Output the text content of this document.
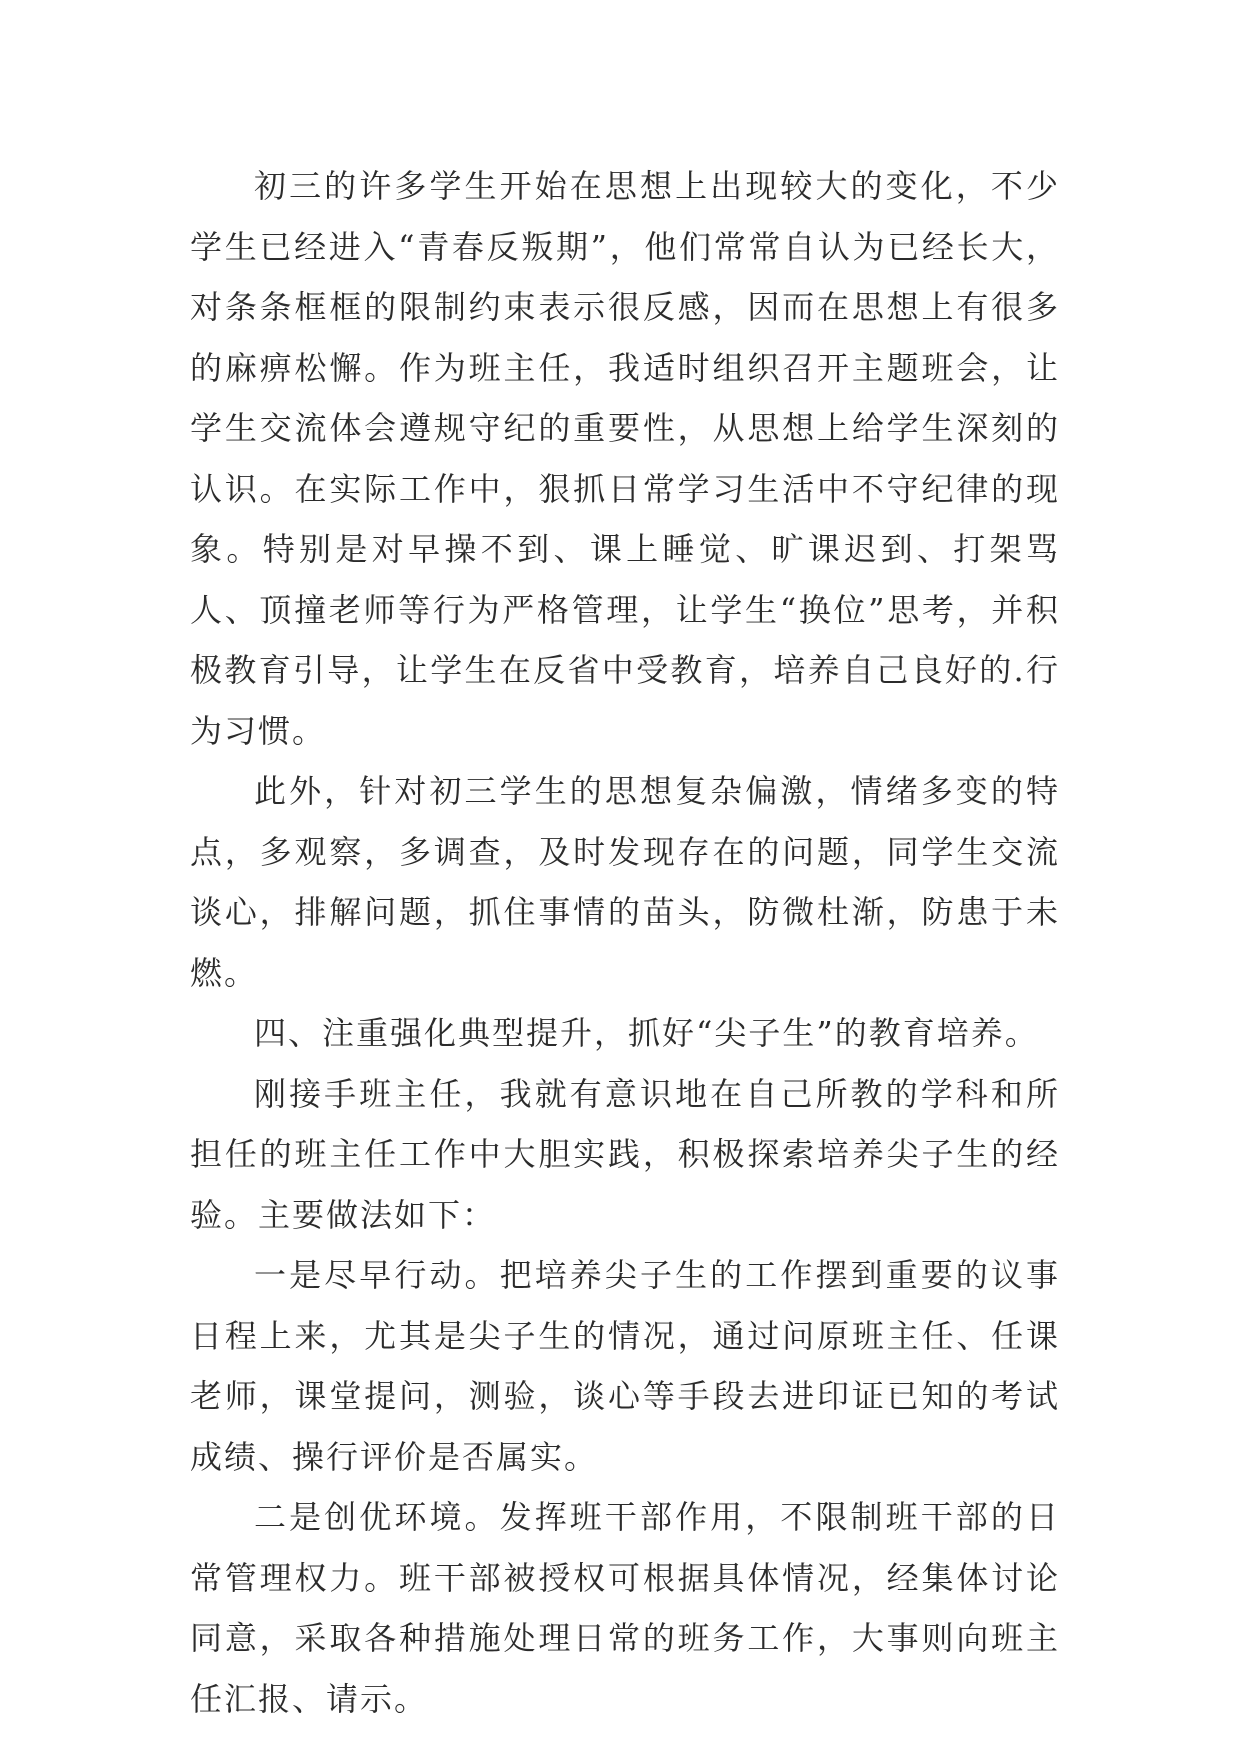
初三的许多学生开始在思想上出现较大的变化，不少学生已经进入“青春反叛期”，他们常常自认为已经长大，对条条框框的限制约束表示很反感，因而在思想上有很多的麻痹松懈。作为班主任，我适时组织召开主题班会，让学生交流体会遵规守纪的重要性，从思想上给学生深刻的认识。在实际工作中，狠抓日常学习生活中不守纪律的现象。特别是对早操不到、课上睡觉、旷课迟到、打架骂人、顶撞老师等行为严格管理，让学生“换位”思考，并积极教育引导，让学生在反省中受教育，培养自己良好的.行为习惯。

此外，针对初三学生的思想复杂偏激，情绪多变的特点，多观察，多调查，及时发现存在的问题，同学生交流谈心，排解问题，抓住事情的苗头，防微杜渐，防患于未燃。

四、注重强化典型提升，抓好“尖子生”的教育培养。

刚接手班主任，我就有意识地在自己所教的学科和所担任的班主任工作中大胆实践，积极探索培养尖子生的经验。主要做法如下：

一是尽早行动。把培养尖子生的工作摆到重要的议事日程上来，尤其是尖子生的情况，通过问原班主任、任课老师，课堂提问，测验，谈心等手段去进印证已知的考试成绩、操行评价是否属实。

二是创优环境。发挥班干部作用，不限制班干部的日常管理权力。班干部被授权可根据具体情况，经集体讨论同意，采取各种措施处理日常的班务工作，大事则向班主任汇报、请示。
